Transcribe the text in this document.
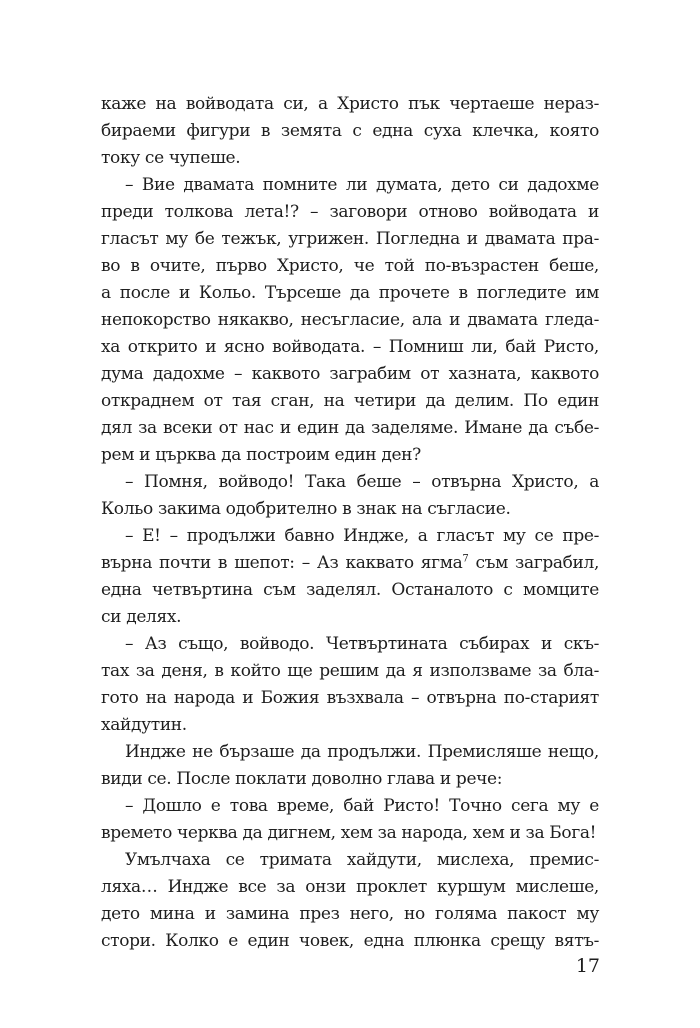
каже на войводата си, а Христо пък чертаеше нераз-
бираеми фигури в земята с една суха клечка, която
току се чупеше.
– Вие двамата помните ли думата, дето си дадохме
преди толкова лета!? – заговори отново войводата и
гласът му бе тежък, угрижен. Погледна и двамата пра-
во в очите, първо Христо, че той по-възрастен беше,
а после и Кольо. Търсеше да прочете в погледите им
непокорство някакво, несъгласие, ала и двамата гледа-
ха открито и ясно войводата. – Помниш ли, бай Ристо,
дума дадохме – каквото заграбим от хазната, каквото
откраднем от тая сган, на четири да делим. По един
дял за всеки от нас и един да заделяме. Имане да събе-
рем и църква да построим един ден?
– Помня, войводо! Така беше – отвърна Христо, а
Кольо закима одобрително в знак на съгласие.
– Е! – продължи бавно Индже, а гласът му се пре-
върна почти в шепот: – Аз каквато ягма$^7$ съм заграбил,
една четвъртина съм заделял. Останалото с момците
си делях.
– Аз също, войводо. Четвъртината събирах и скъ-
тах за деня, в който ще решим да я използваме за бла-
гото на народа и Божия възхвала – отвърна по-старият
хайдутин.
Индже не бързаше да продължи. Премисляше нещо,
види се. После поклати доволно глава и рече:
– Дошло е това време, бай Ристо! Точно сега му е
времето черква да дигнем, хем за народа, хем и за Бога!
Умълчаха се тримата хайдути, мислеха, премис-
ляха… Индже все за онзи проклет куршум мислеше,
дето мина и замина през него, но голяма пакост му
стори. Колко е един човек, една плюнка срещу вятъ-
17
